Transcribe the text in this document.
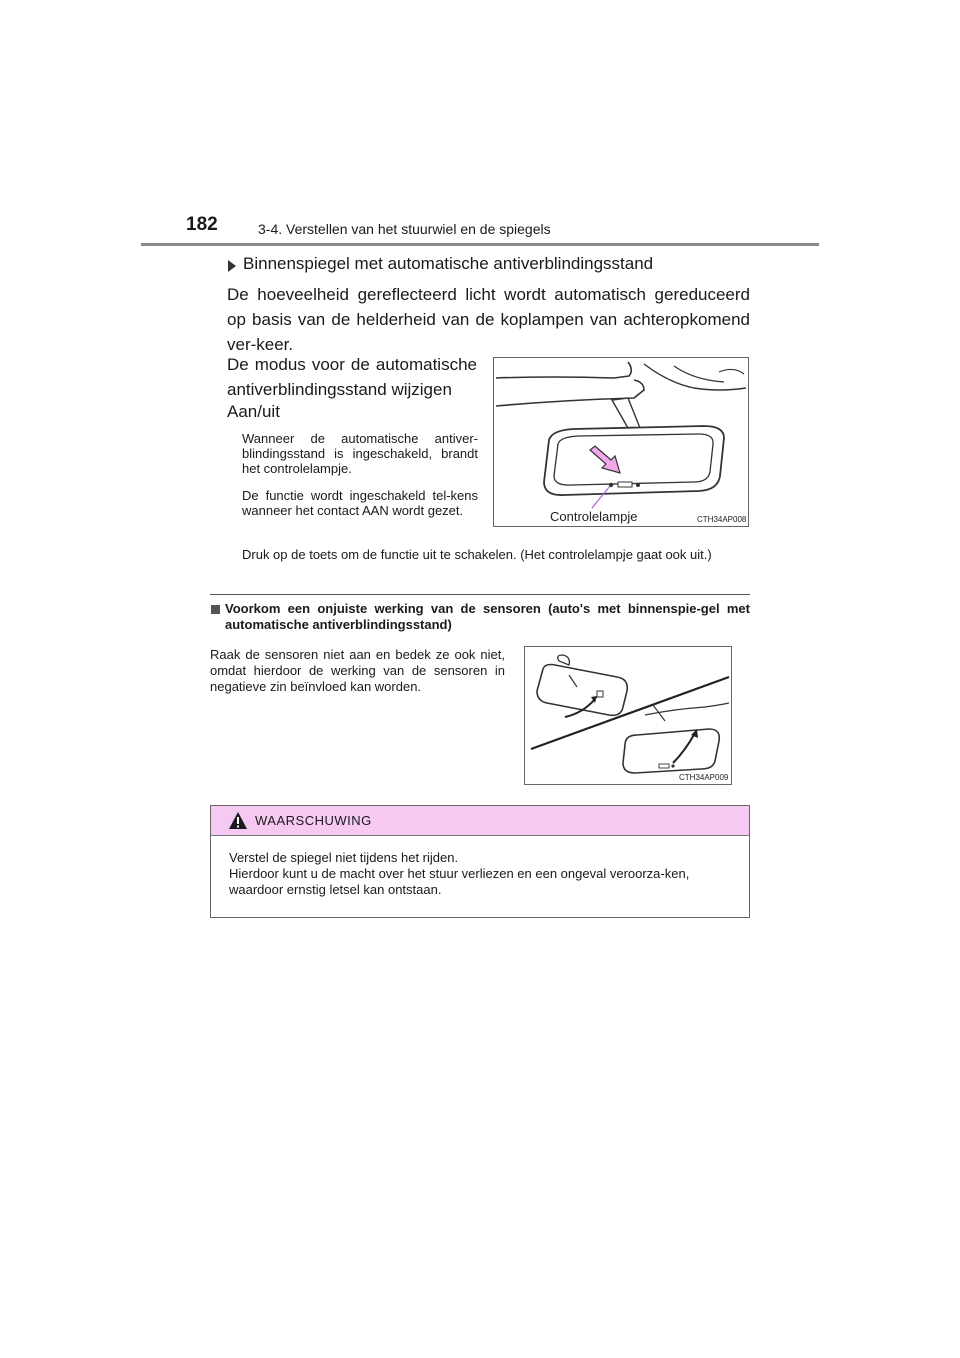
182	3-4. Verstellen van het stuurwiel en de spiegels
Binnenspiegel met automatische antiverblindingsstand
De hoeveelheid gereflecteerd licht wordt automatisch gereduceerd op basis van de helderheid van de koplampen van achteropkomend ver-keer.
De modus voor de automatische antiverblindingsstand wijzigen
Aan/uit
Wanneer de automatische antiver-blindingsstand is ingeschakeld, brandt het controlelampje.
De functie wordt ingeschakeld tel-kens wanneer het contact AAN wordt gezet.
Druk op de toets om de functie uit te schakelen. (Het controlelampje gaat ook uit.)
Controlelampje	CTH34AP008
Voorkom een onjuiste werking van de sensoren (auto's met binnenspie-gel met automatische antiverblindingsstand)
Raak de sensoren niet aan en bedek ze ook niet, omdat hierdoor de werking van de sensoren in negatieve zin beïnvloed kan worden.
CTH34AP009
WAARSCHUWING
Verstel de spiegel niet tijdens het rijden.
Hierdoor kunt u de macht over het stuur verliezen en een ongeval veroorza-ken, waardoor ernstig letsel kan ontstaan.
